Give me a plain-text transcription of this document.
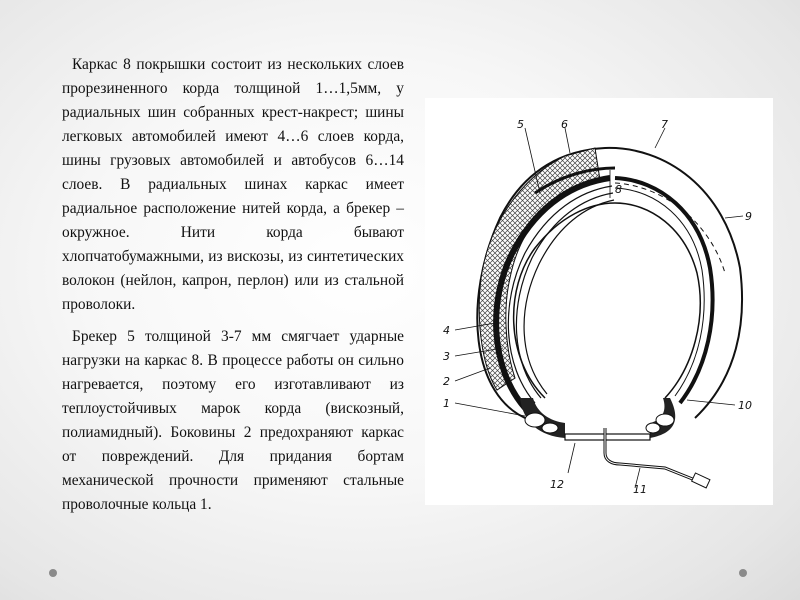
Каркас 8 покрышки состоит из нескольких слоев прорезиненного корда толщиной 1…1,5мм, у радиальных шин собранных крест-накрест; шины легковых автомобилей имеют 4…6 слоев корда, шины грузовых автомобилей и автобусов 6…14 слоев. В радиальных шинах каркас имеет радиальное расположение нитей корда, а брекер – окружное. Нити корда бывают хлопчатобумажными, из вискозы, из синтетических волокон (нейлон, капрон, перлон) или из стальной проволоки.

Брекер 5 толщиной 3-7 мм смягчает ударные нагрузки на каркас 8. В процессе работы он сильно нагревается, поэтому его изготавливают из теплоустойчивых марок корда (вискозный, полиамидный). Боковины 2 предохраняют каркас от повреждений. Для придания бортам механической прочности применяют стальные проволочные кольца 1.

5	6	7
8
9
4
3
2
1	10
12	11
